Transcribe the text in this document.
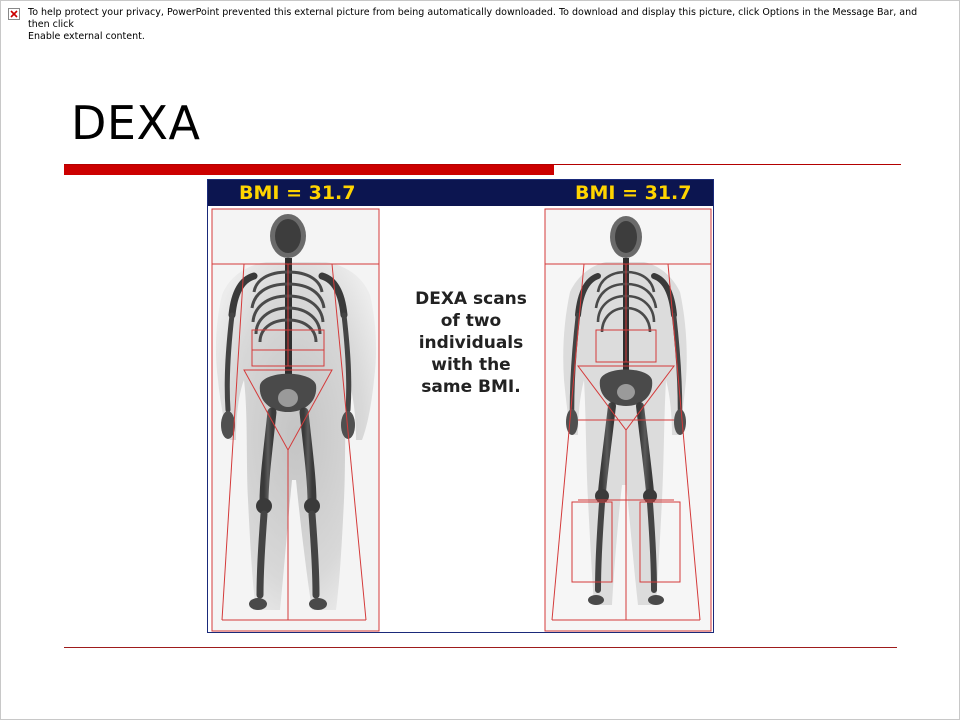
To help protect your privacy, PowerPoint prevented this external picture from being automatically downloaded. To download and display this picture, click Options in the Message Bar, and then click
Enable external content.
DEXA
BMI = 31.7	BMI = 31.7
DEXA scans
of two
individuals
with the
same BMI.
